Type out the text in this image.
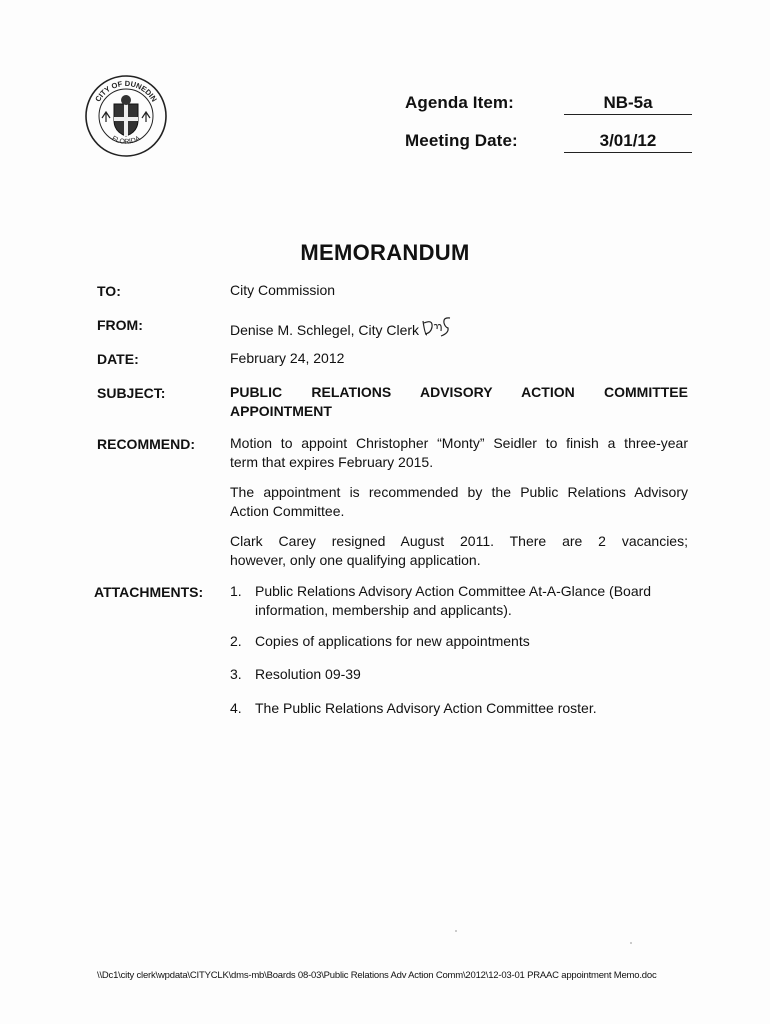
CITY OF DUNEDIN
FLORIDA
Agenda Item:	NB-5a
Meeting Date:	3/01/12
MEMORANDUM
TO:	City Commission
FROM:	Denise M. Schlegel, City Clerk
DATE:	February 24, 2012
SUBJECT:	PUBLIC RELATIONS ADVISORY ACTION COMMITTEE
APPOINTMENT
RECOMMEND:	Motion to appoint Christopher “Monty” Seidler to finish a three-year
term that expires February 2015.
The appointment is recommended by the Public Relations Advisory
Action Committee.
Clark Carey resigned August 2011. There are 2 vacancies;
however, only one qualifying application.
ATTACHMENTS: 1. Public Relations Advisory Action Committee At-A-Glance (Board
information, membership and applicants).
2. Copies of applications for new appointments
3. Resolution 09-39
4. The Public Relations Advisory Action Committee roster.
\\Dc1\city clerk\wpdata\CITYCLK\dms-mb\Boards 08-03\Public Relations Adv Action Comm\2012\12-03-01 PRAAC appointment Memo.doc
